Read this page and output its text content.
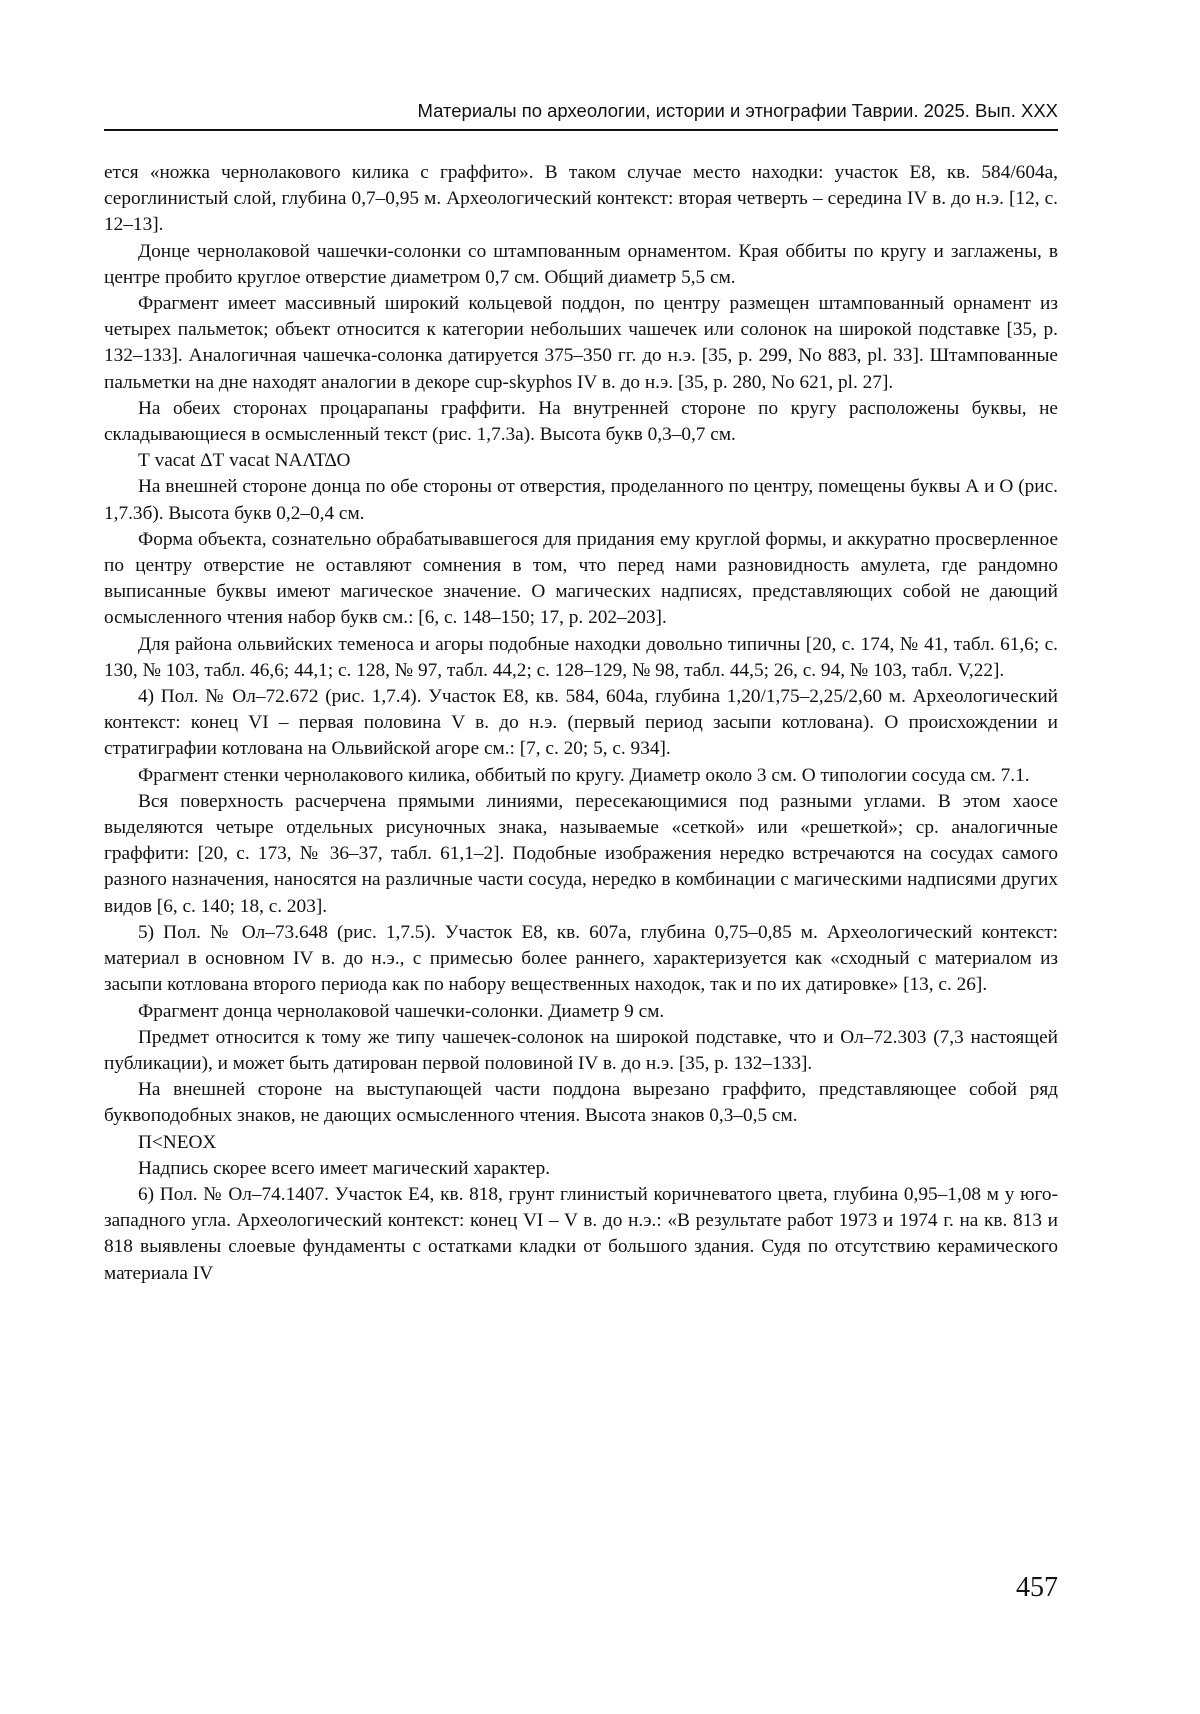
Материалы по археологии, истории и этнографии Таврии. 2025. Вып. XXX

ется «ножка чернолакового килика с граффито». В таком случае место находки: участок Е8, кв. 584/604а, сероглинистый слой, глубина 0,7–0,95 м. Археологический контекст: вторая четверть – середина IV в. до н.э. [12, с. 12–13].

Донце чернолаковой чашечки-солонки со штампованным орнаментом. Края оббиты по кругу и заглажены, в центре пробито круглое отверстие диаметром 0,7 см. Общий диаметр 5,5 см.

Фрагмент имеет массивный широкий кольцевой поддон, по центру размещен штампованный орнамент из четырех пальметок; объект относится к категории небольших чашечек или солонок на широкой подставке [35, p. 132–133]. Аналогичная чашечка-солонка датируется 375–350 гг. до н.э. [35, p. 299, No 883, pl. 33]. Штампованные пальметки на дне находят аналогии в декоре cup-skyphos IV в. до н.э. [35, p. 280, No 621, pl. 27].

На обеих сторонах процарапаны граффити. На внутренней стороне по кругу расположены буквы, не складывающиеся в осмысленный текст (рис. 1,7.3а). Высота букв 0,3–0,7 см.

Т vacat ΔТ vacat ΝΑΛΤΔΟ

На внешней стороне донца по обе стороны от отверстия, проделанного по центру, помещены буквы А и О (рис. 1,7.3б). Высота букв 0,2–0,4 см.

Форма объекта, сознательно обрабатывавшегося для придания ему круглой формы, и аккуратно просверленное по центру отверстие не оставляют сомнения в том, что перед нами разновидность амулета, где рандомно выписанные буквы имеют магическое значение. О магических надписях, представляющих собой не дающий осмысленного чтения набор букв см.: [6, с. 148–150; 17, p. 202–203].

Для района ольвийских теменоса и агоры подобные находки довольно типичны [20, с. 174, № 41, табл. 61,6; с. 130, № 103, табл. 46,6; 44,1; с. 128, № 97, табл. 44,2; с. 128–129, № 98, табл. 44,5; 26, с. 94, № 103, табл. V,22].

4) Пол. № Ол–72.672 (рис. 1,7.4). Участок Е8, кв. 584, 604а, глубина 1,20/1,75–2,25/2,60 м. Археологический контекст: конец VI – первая половина V в. до н.э. (первый период засыпи котлована). О происхождении и стратиграфии котлована на Ольвийской агоре см.: [7, с. 20; 5, с. 934].

Фрагмент стенки чернолакового килика, оббитый по кругу. Диаметр около 3 см. О типологии сосуда см. 7.1.

Вся поверхность расчерчена прямыми линиями, пересекающимися под разными углами. В этом хаосе выделяются четыре отдельных рисуночных знака, называемые «сеткой» или «решеткой»; ср. аналогичные граффити: [20, с. 173, № 36–37, табл. 61,1–2]. Подобные изображения нередко встречаются на сосудах самого разного назначения, наносятся на различные части сосуда, нередко в комбинации с магическими надписями других видов [6, с. 140; 18, с. 203].

5) Пол. № Ол–73.648 (рис. 1,7.5). Участок Е8, кв. 607а, глубина 0,75–0,85 м. Археологический контекст: материал в основном IV в. до н.э., с примесью более раннего, характеризуется как «сходный с материалом из засыпи котлована второго периода как по набору вещественных находок, так и по их датировке» [13, с. 26].

Фрагмент донца чернолаковой чашечки-солонки. Диаметр 9 см.

Предмет относится к тому же типу чашечек-солонок на широкой подставке, что и Ол–72.303 (7,3 настоящей публикации), и может быть датирован первой половиной IV в. до н.э. [35, p. 132–133].

На внешней стороне на выступающей части поддона вырезано граффито, представляющее собой ряд буквоподобных знаков, не дающих осмысленного чтения. Высота знаков 0,3–0,5 см.

Π<ΝΕΟΧ

Надпись скорее всего имеет магический характер.

6) Пол. № Ол–74.1407. Участок Е4, кв. 818, грунт глинистый коричневатого цвета, глубина 0,95–1,08 м у юго-западного угла. Археологический контекст: конец VI – V в. до н.э.: «В результате работ 1973 и 1974 г. на кв. 813 и 818 выявлены слоевые фундаменты с остатками кладки от большого здания. Судя по отсутствию керамического материала IV

457
